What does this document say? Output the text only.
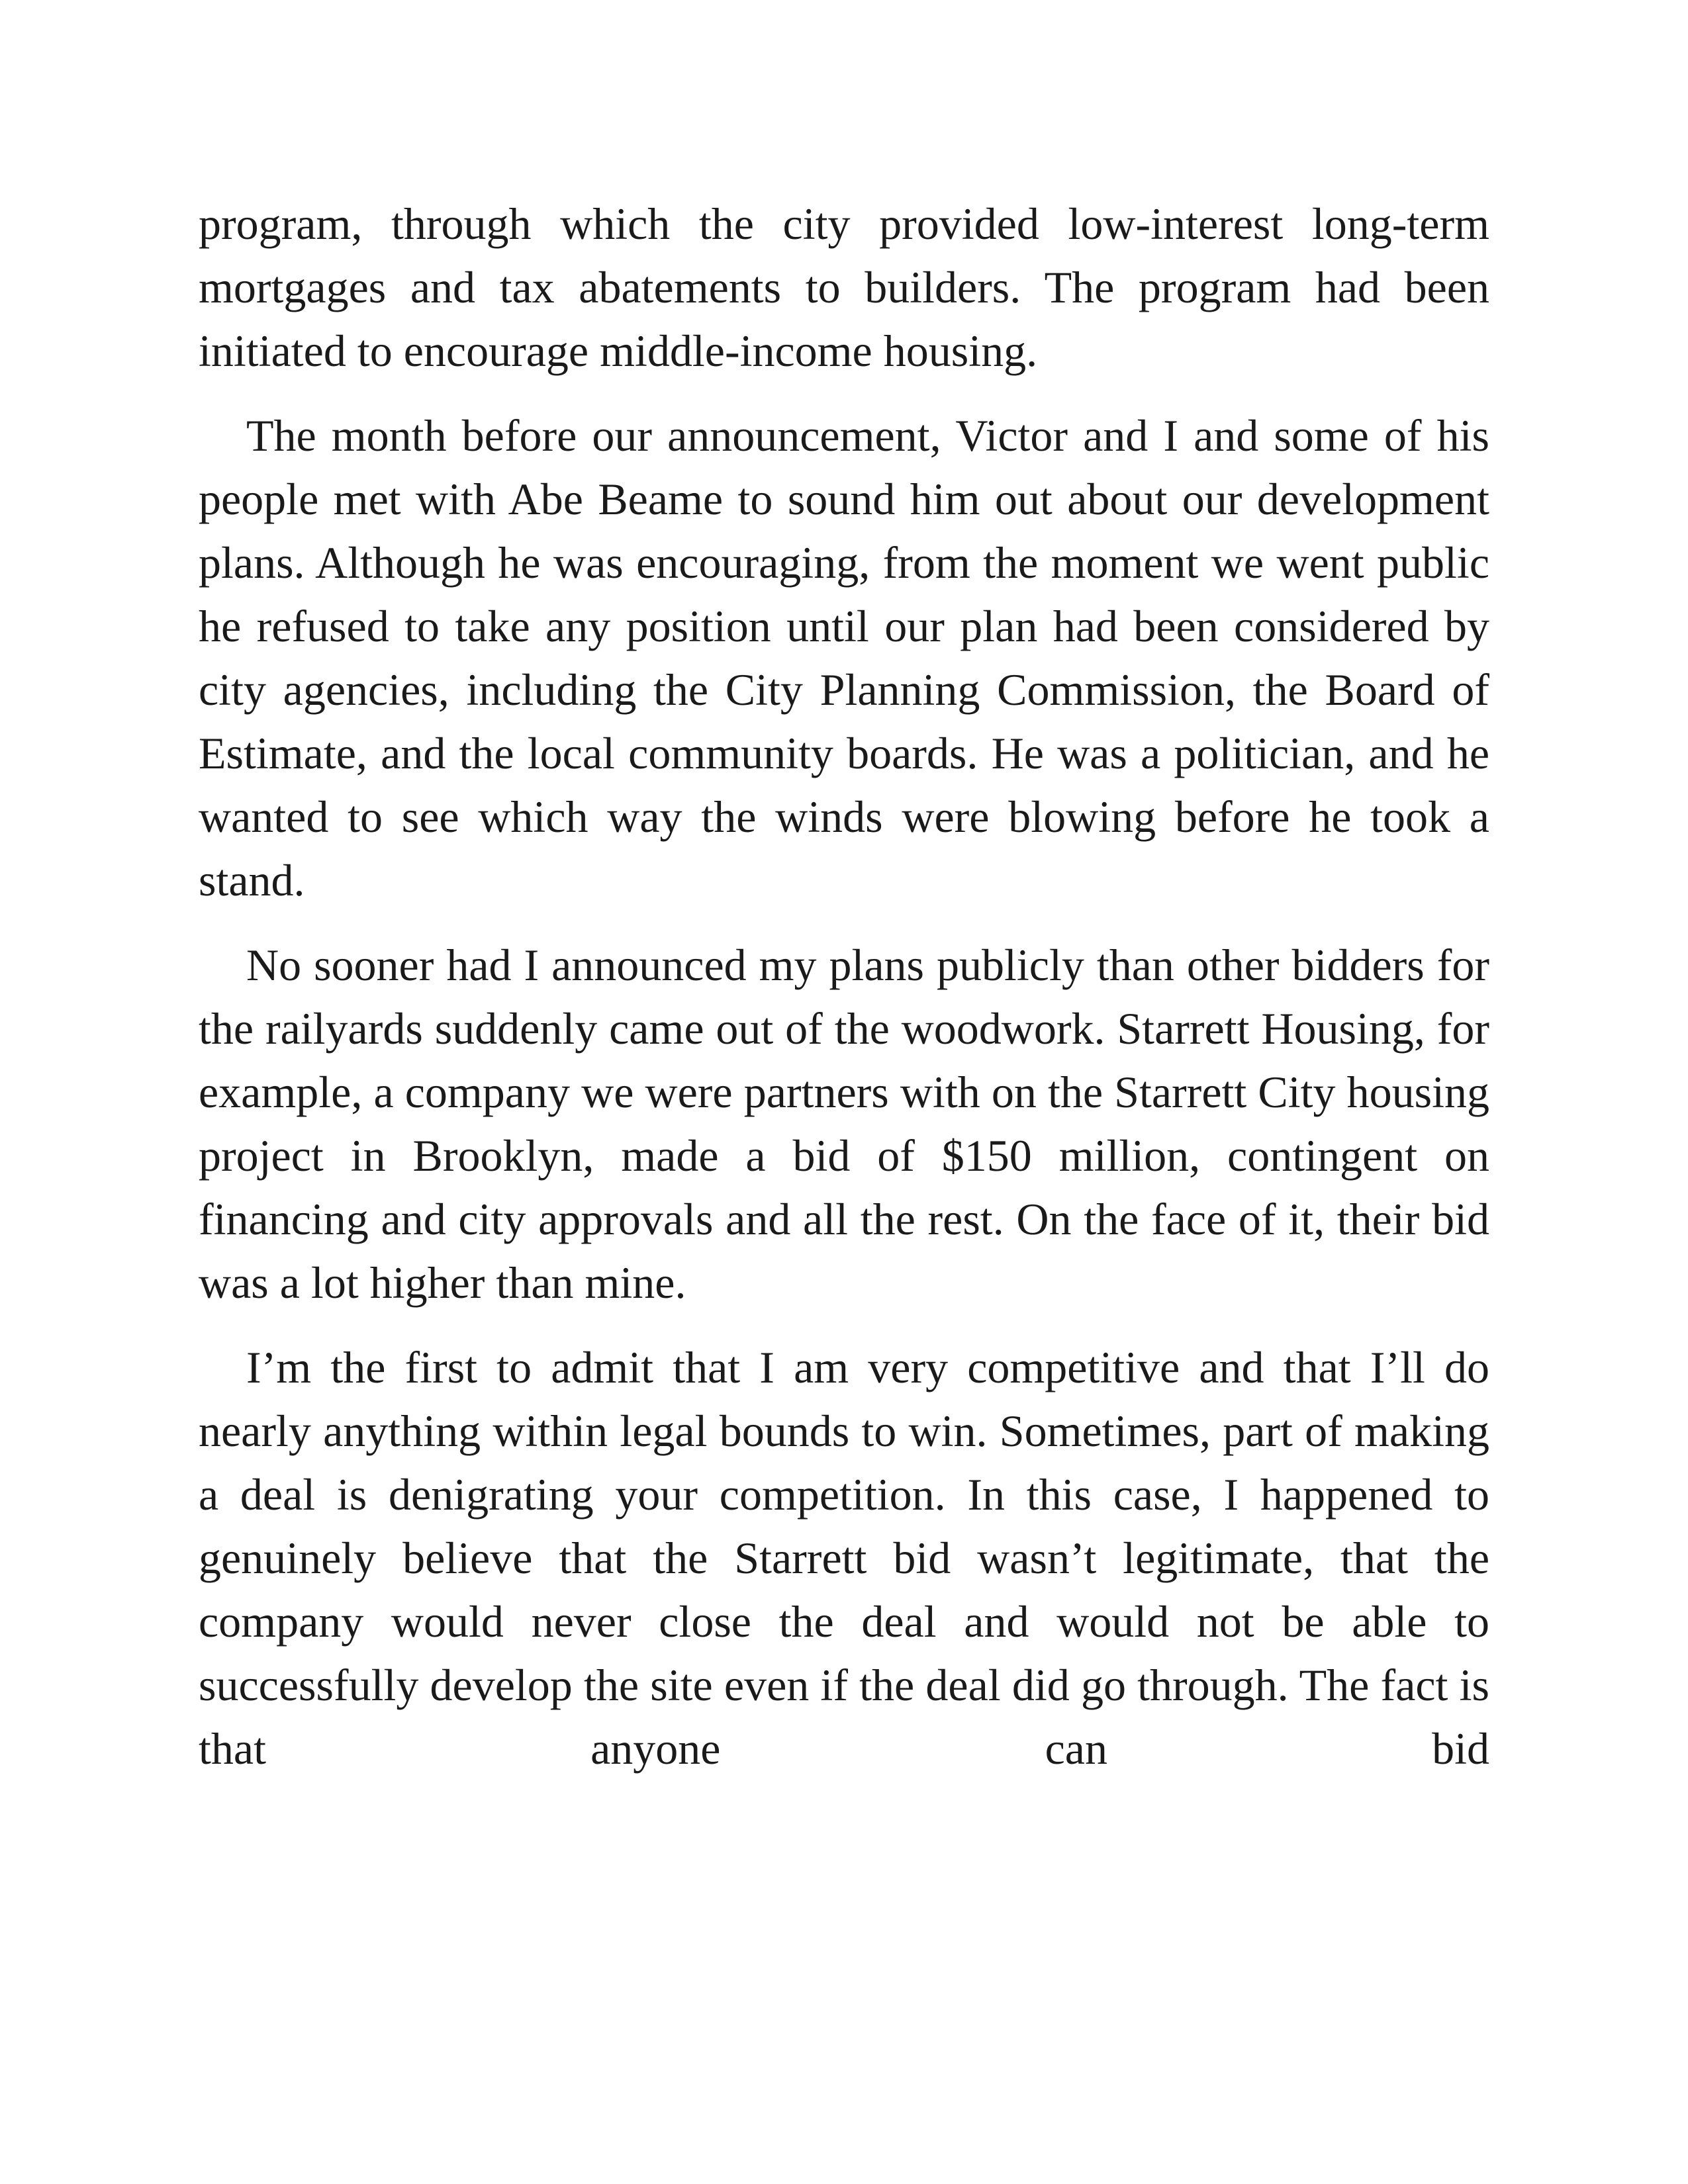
program, through which the city provided low-interest long-term mortgages and tax abatements to builders. The program had been initiated to encourage middle-income housing.

The month before our announcement, Victor and I and some of his people met with Abe Beame to sound him out about our development plans. Although he was encouraging, from the moment we went public he refused to take any position until our plan had been considered by city agencies, including the City Planning Commission, the Board of Estimate, and the local community boards. He was a politician, and he wanted to see which way the winds were blowing before he took a stand.

No sooner had I announced my plans publicly than other bidders for the railyards suddenly came out of the woodwork. Starrett Housing, for example, a company we were partners with on the Starrett City housing project in Brooklyn, made a bid of $150 million, contingent on financing and city approvals and all the rest. On the face of it, their bid was a lot higher than mine.

I’m the first to admit that I am very competitive and that I’ll do nearly anything within legal bounds to win. Sometimes, part of making a deal is denigrating your competition. In this case, I happened to genuinely believe that the Starrett bid wasn’t legitimate, that the company would never close the deal and would not be able to successfully develop the site even if the deal did go through. The fact is that anyone can bid
